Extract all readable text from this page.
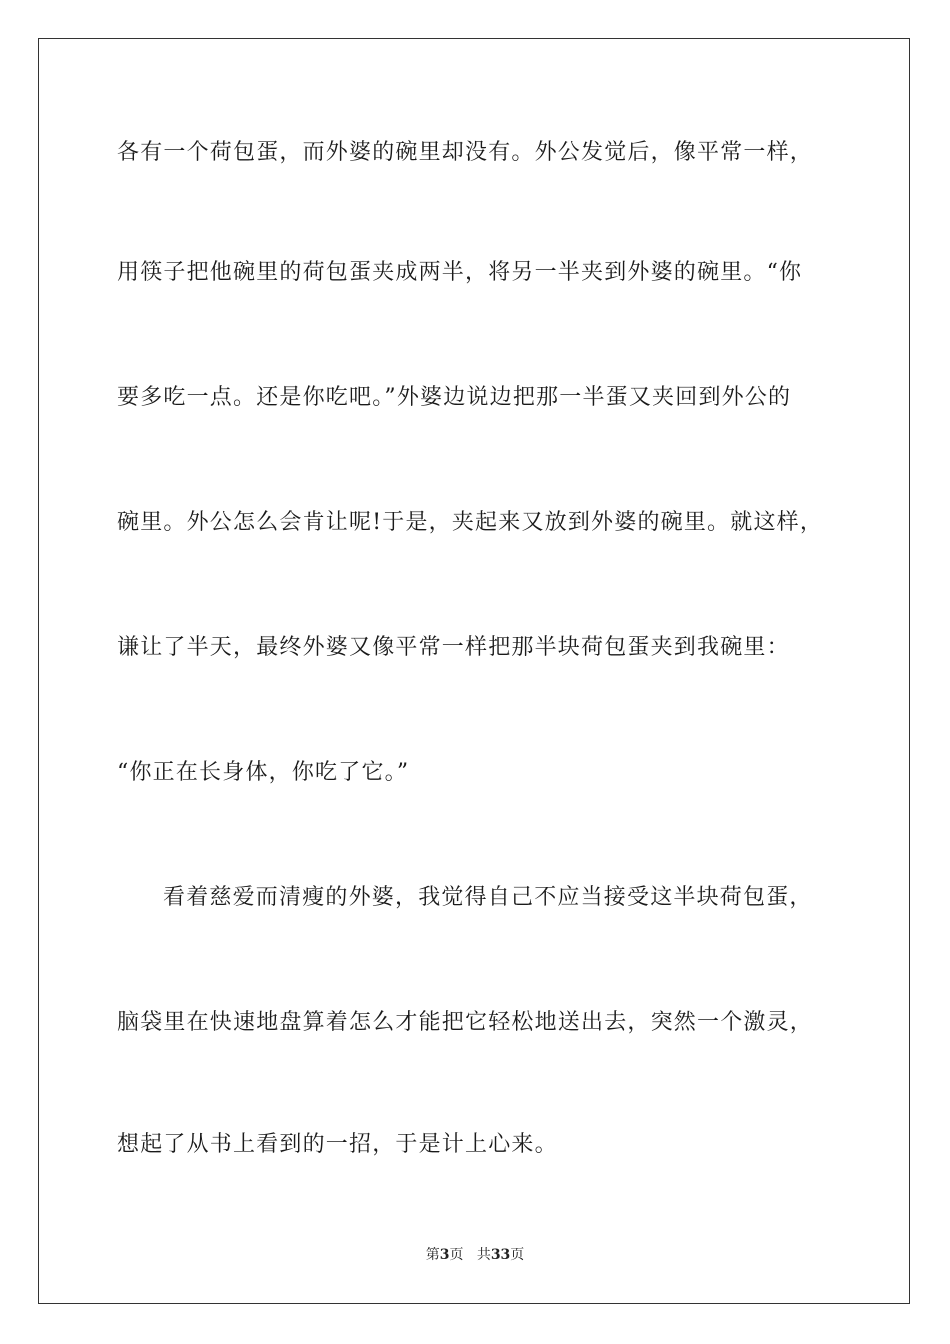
各有一个荷包蛋，而外婆的碗里却没有。外公发觉后，像平常一样，
用筷子把他碗里的荷包蛋夹成两半，将另一半夹到外婆的碗里。“你
要多吃一点。还是你吃吧。”外婆边说边把那一半蛋又夹回到外公的
碗里。外公怎么会肯让呢!于是，夹起来又放到外婆的碗里。就这样，
谦让了半天，最终外婆又像平常一样把那半块荷包蛋夹到我碗里：
“你正在长身体，你吃了它。”
看着慈爱而清瘦的外婆，我觉得自己不应当接受这半块荷包蛋，
脑袋里在快速地盘算着怎么才能把它轻松地送出去，突然一个激灵，
想起了从书上看到的一招，于是计上心来。
第3页 共33页
